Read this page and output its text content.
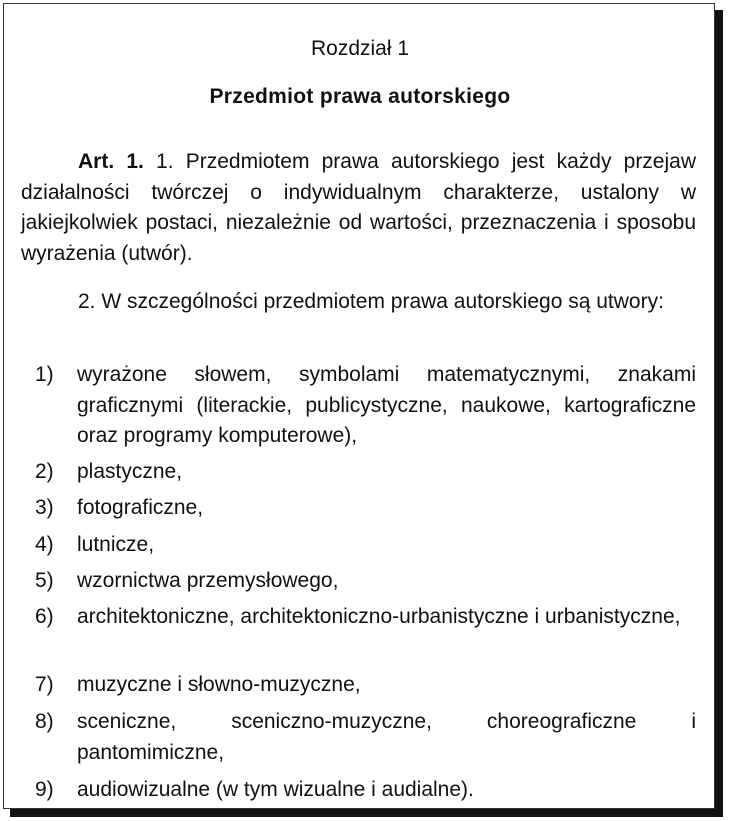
Rozdział 1
Przedmiot prawa autorskiego

Art. 1. 1. Przedmiotem prawa autorskiego jest każdy przejaw działalności twórczej o indywidualnym charakterze, ustalony w jakiejkolwiek postaci, niezależnie od wartości, przeznaczenia i sposobu wyrażenia (utwór).

2. W szczególności przedmiotem prawa autorskiego są utwory:

1)	wyrażone słowem, symbolami matematycznymi, znakami graficznymi (literackie, publicystyczne, naukowe, kartograficzne oraz programy komputerowe),
2)	plastyczne,
3)	fotograficzne,
4)	lutnicze,
5)	wzornictwa przemysłowego,
6)	architektoniczne, architektoniczno-urbanistyczne i urbanistyczne,
7)	muzyczne i słowno-muzyczne,
8)	sceniczne, sceniczno-muzyczne, choreograficzne i pantomimiczne,
9)	audiowizualne (w tym wizualne i audialne).
